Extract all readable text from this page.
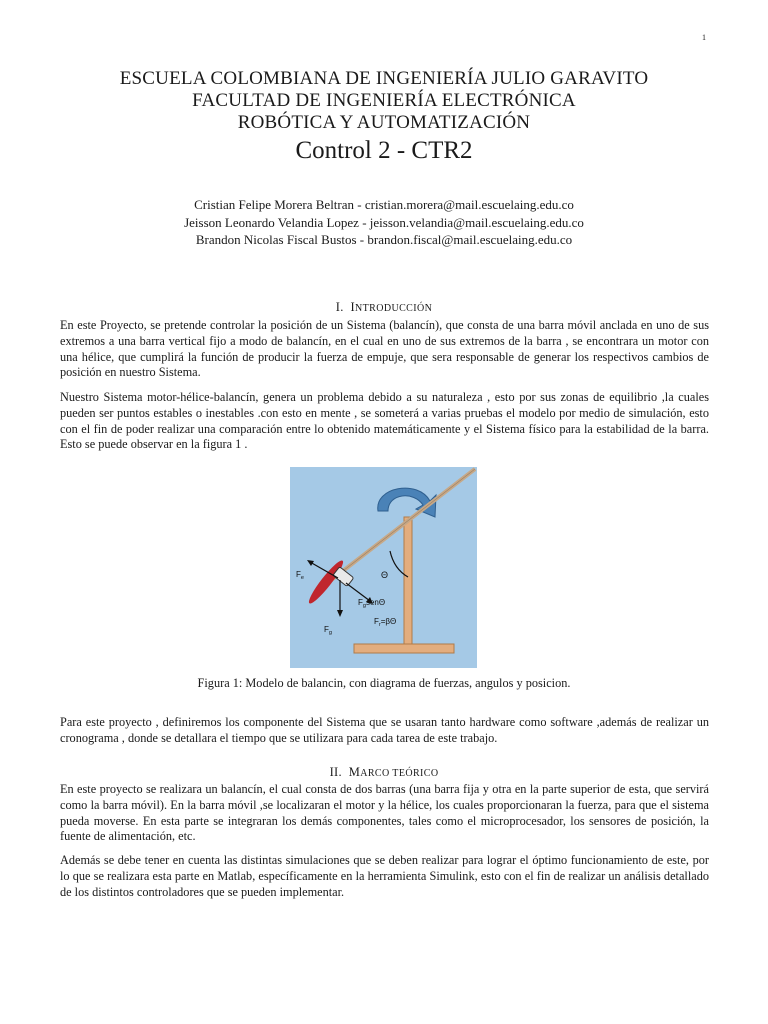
1
ESCUELA COLOMBIANA DE INGENIERÍA JULIO GARAVITO
FACULTAD DE INGENIERÍA ELECTRÓNICA
ROBÓTICA Y AUTOMATIZACIÓN
Control 2 - CTR2
Cristian Felipe Morera Beltran - cristian.morera@mail.escuelaing.edu.co
Jeisson Leonardo Velandia Lopez - jeisson.velandia@mail.escuelaing.edu.co
Brandon Nicolas Fiscal Bustos - brandon.fiscal@mail.escuelaing.edu.co
I. INTRODUCCIÓN

En este Proyecto, se pretende controlar la posición de un Sistema (balancín), que consta de una barra móvil anclada en uno de sus extremos a una barra vertical fijo a modo de balancín, en el cual en uno de sus extremos de la barra , se encontrara un motor con una hélice, que cumplirá la función de producir la fuerza de empuje, que sera responsable de generar los respectivos cambios de posición en nuestro Sistema.

Nuestro Sistema motor-hélice-balancín, genera un problema debido a su naturaleza , esto por sus zonas de equilibrio ,la cuales pueden ser puntos estables o inestables .con esto en mente , se someterá a varias pruebas el modelo por medio de simulación, esto con el fin de poder realizar una comparación entre lo obtenido matemáticamente y el Sistema físico para la estabilidad de la barra. Esto se puede observar en la figura 1 .

Θ
$F_e$
$F_g$
$F_gsen\Theta$
$F_r=\beta\Theta$
Figura 1: Modelo de balancin, con diagrama de fuerzas, angulos y posicion.

Para este proyecto , definiremos los componente del Sistema que se usaran tanto hardware como software ,además de realizar un cronograma , donde se detallara el tiempo que se utilizara para cada tarea de este trabajo.

II. MARCO TEÓRICO

En este proyecto se realizara un balancín, el cual consta de dos barras (una barra fija y otra en la parte superior de esta, que servirá como la barra móvil). En la barra móvil ,se localizaran el motor y la hélice, los cuales proporcionaran la fuerza, para que el sistema pueda moverse. En esta parte se integraran los demás componentes, tales como el microprocesador, los sensores de posición, la fuente de alimentación, etc.

Además se debe tener en cuenta las distintas simulaciones que se deben realizar para lograr el óptimo funcionamiento de este, por lo que se realizara esta parte en Matlab, específicamente en la herramienta Simulink, esto con el fin de realizar un análisis detallado de los distintos controladores que se pueden implementar.
